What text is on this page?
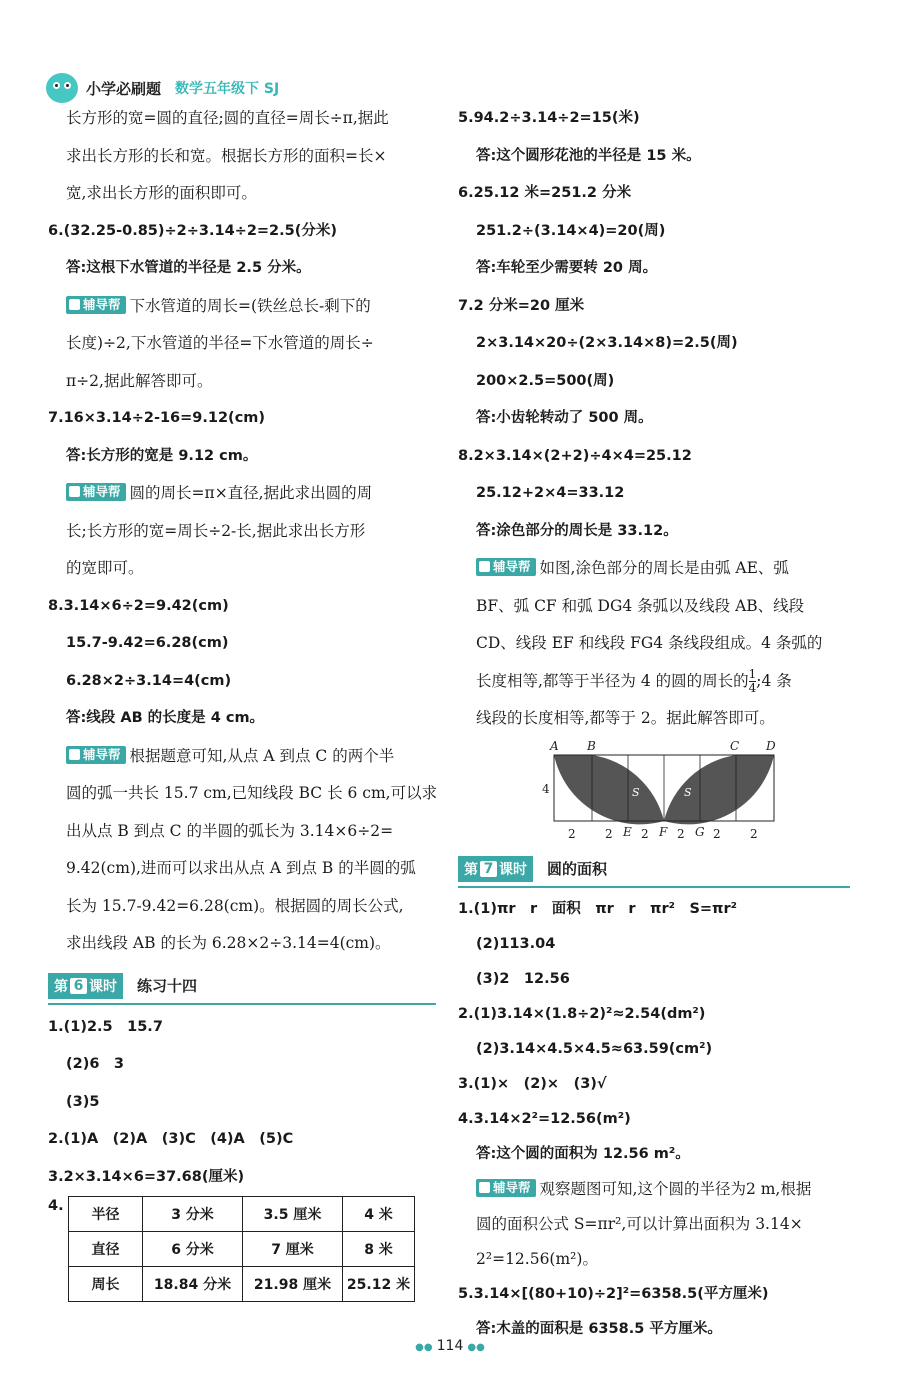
小学必刷题 数学五年级下 SJ
长方形的宽=圆的直径;圆的直径=周长÷π,据此
求出长方形的长和宽。根据长方形的面积=长×
宽,求出长方形的面积即可。
6.(32.25-0.85)÷2÷3.14÷2=2.5(分米)
答:这根下水管道的半径是 2.5 分米。
辅导帮 下水管道的周长=(铁丝总长-剩下的
长度)÷2,下水管道的半径=下水管道的周长÷
π÷2,据此解答即可。
7.16×3.14÷2-16=9.12(cm)
答:长方形的宽是 9.12 cm。
辅导帮 圆的周长=π×直径,据此求出圆的周
长;长方形的宽=周长÷2-长,据此求出长方形
的宽即可。
8.3.14×6÷2=9.42(cm)
15.7-9.42=6.28(cm)
6.28×2÷3.14=4(cm)
答:线段 AB 的长度是 4 cm。
辅导帮 根据题意可知,从点 A 到点 C 的两个半
圆的弧一共长 15.7 cm,已知线段 BC 长 6 cm,可以求
出从点 B 到点 C 的半圆的弧长为 3.14×6÷2=
9.42(cm),进而可以求出从点 A 到点 B 的半圆的弧
长为 15.7-9.42=6.28(cm)。根据圆的周长公式,
求出线段 AB 的长为 6.28×2÷3.14=4(cm)。
第 6 课时 练习十四
1.(1)2.5　15.7
(2)6　3
(3)5
2.(1)A　(2)A　(3)C　(4)A　(5)C
3.2×3.14×6=37.68(厘米)
4.
半径	3 分米	3.5 厘米	4 米
直径	6 分米	7 厘米	8 米
周长	18.84 分米	21.98 厘米	25.12 米
5.94.2÷3.14÷2=15(米)
答:这个圆形花池的半径是 15 米。
6.25.12 米=251.2 分米
251.2÷(3.14×4)=20(周)
答:车轮至少需要转 20 周。
7.2 分米=20 厘米
2×3.14×20÷(2×3.14×8)=2.5(周)
200×2.5=500(周)
答:小齿轮转动了 500 周。
8.2×3.14×(2+2)÷4×4=25.12
25.12+2×4=33.12
答:涂色部分的周长是 33.12。
辅导帮 如图,涂色部分的周长是由弧 AE、弧
BF、弧 CF 和弧 DG4 条弧以及线段 AB、线段
CD、线段 EF 和线段 FG4 条线段组成。4 条弧的
长度相等,都等于半径为 4 的圆的周长的 $\frac{1}{4}$ ;4 条
线段的长度相等,都等于 2。据此解答即可。
A B	C D
S	S
4
2 2 E 2 F 2 G 2 2
第 7 课时 圆的面积
1.(1)πr　r　面积　πr　r　πr²　S=πr²
(2)113.04
(3)2　12.56
2.(1)3.14×(1.8÷2)²≈2.54(dm²)
(2)3.14×4.5×4.5≈63.59(cm²)
3.(1)×　(2)×　(3)√
4.3.14×2²=12.56(m²)
答:这个圆的面积为 12.56 m²。
辅导帮 观察题图可知,这个圆的半径为2 m,根据
圆的面积公式 S=πr²,可以计算出面积为 3.14×
2²=12.56(m²)。
5.3.14×[(80+10)÷2]²=6358.5(平方厘米)
答:木盖的面积是 6358.5 平方厘米。
●● 114 ●●
